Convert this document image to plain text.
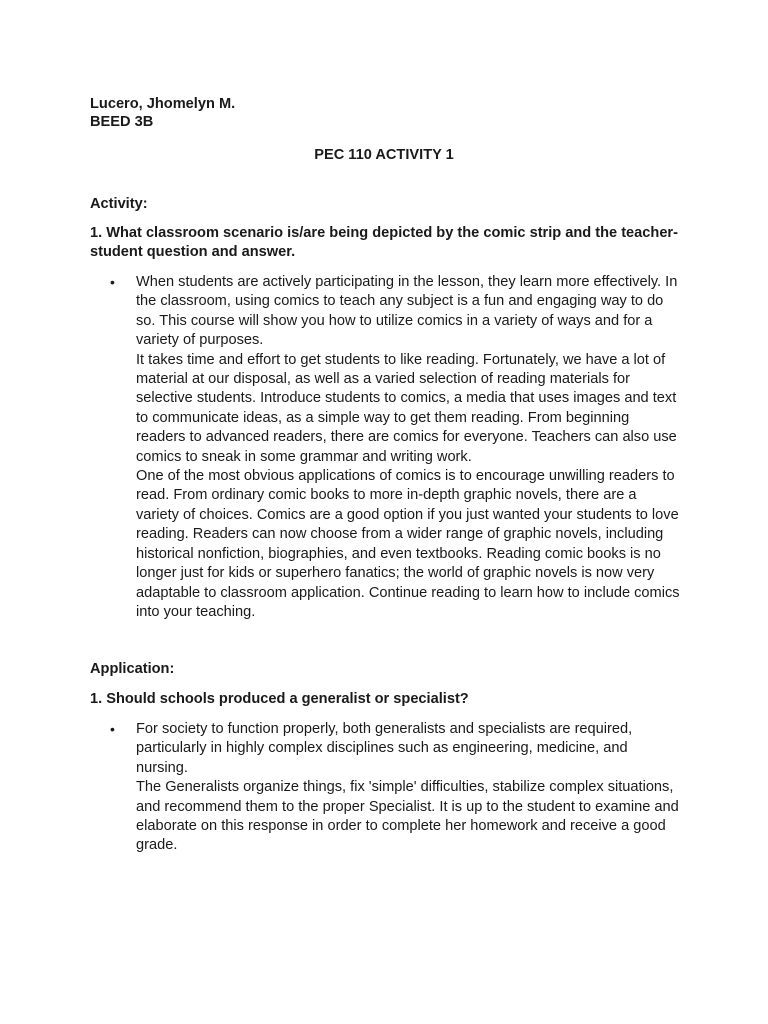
Lucero, Jhomelyn M.
BEED 3B
PEC 110 ACTIVITY 1
Activity:
1. What classroom scenario is/are being depicted by the comic strip and the teacher-student question and answer.
•	When students are actively participating in the lesson, they learn more effectively. In the classroom, using comics to teach any subject is a fun and engaging way to do so. This course will show you how to utilize comics in a variety of ways and for a variety of purposes.

It takes time and effort to get students to like reading. Fortunately, we have a lot of material at our disposal, as well as a varied selection of reading materials for selective students. Introduce students to comics, a media that uses images and text to communicate ideas, as a simple way to get them reading. From beginning readers to advanced readers, there are comics for everyone. Teachers can also use comics to sneak in some grammar and writing work.

One of the most obvious applications of comics is to encourage unwilling readers to read. From ordinary comic books to more in-depth graphic novels, there are a variety of choices. Comics are a good option if you just wanted your students to love reading. Readers can now choose from a wider range of graphic novels, including historical nonfiction, biographies, and even textbooks. Reading comic books is no longer just for kids or superhero fanatics; the world of graphic novels is now very adaptable to classroom application. Continue reading to learn how to include comics into your teaching.

Application:
1. Should schools produced a generalist or specialist?
•	For society to function properly, both generalists and specialists are required, particularly in highly complex disciplines such as engineering, medicine, and nursing.

The Generalists organize things, fix 'simple' difficulties, stabilize complex situations, and recommend them to the proper Specialist. It is up to the student to examine and elaborate on this response in order to complete her homework and receive a good grade.
